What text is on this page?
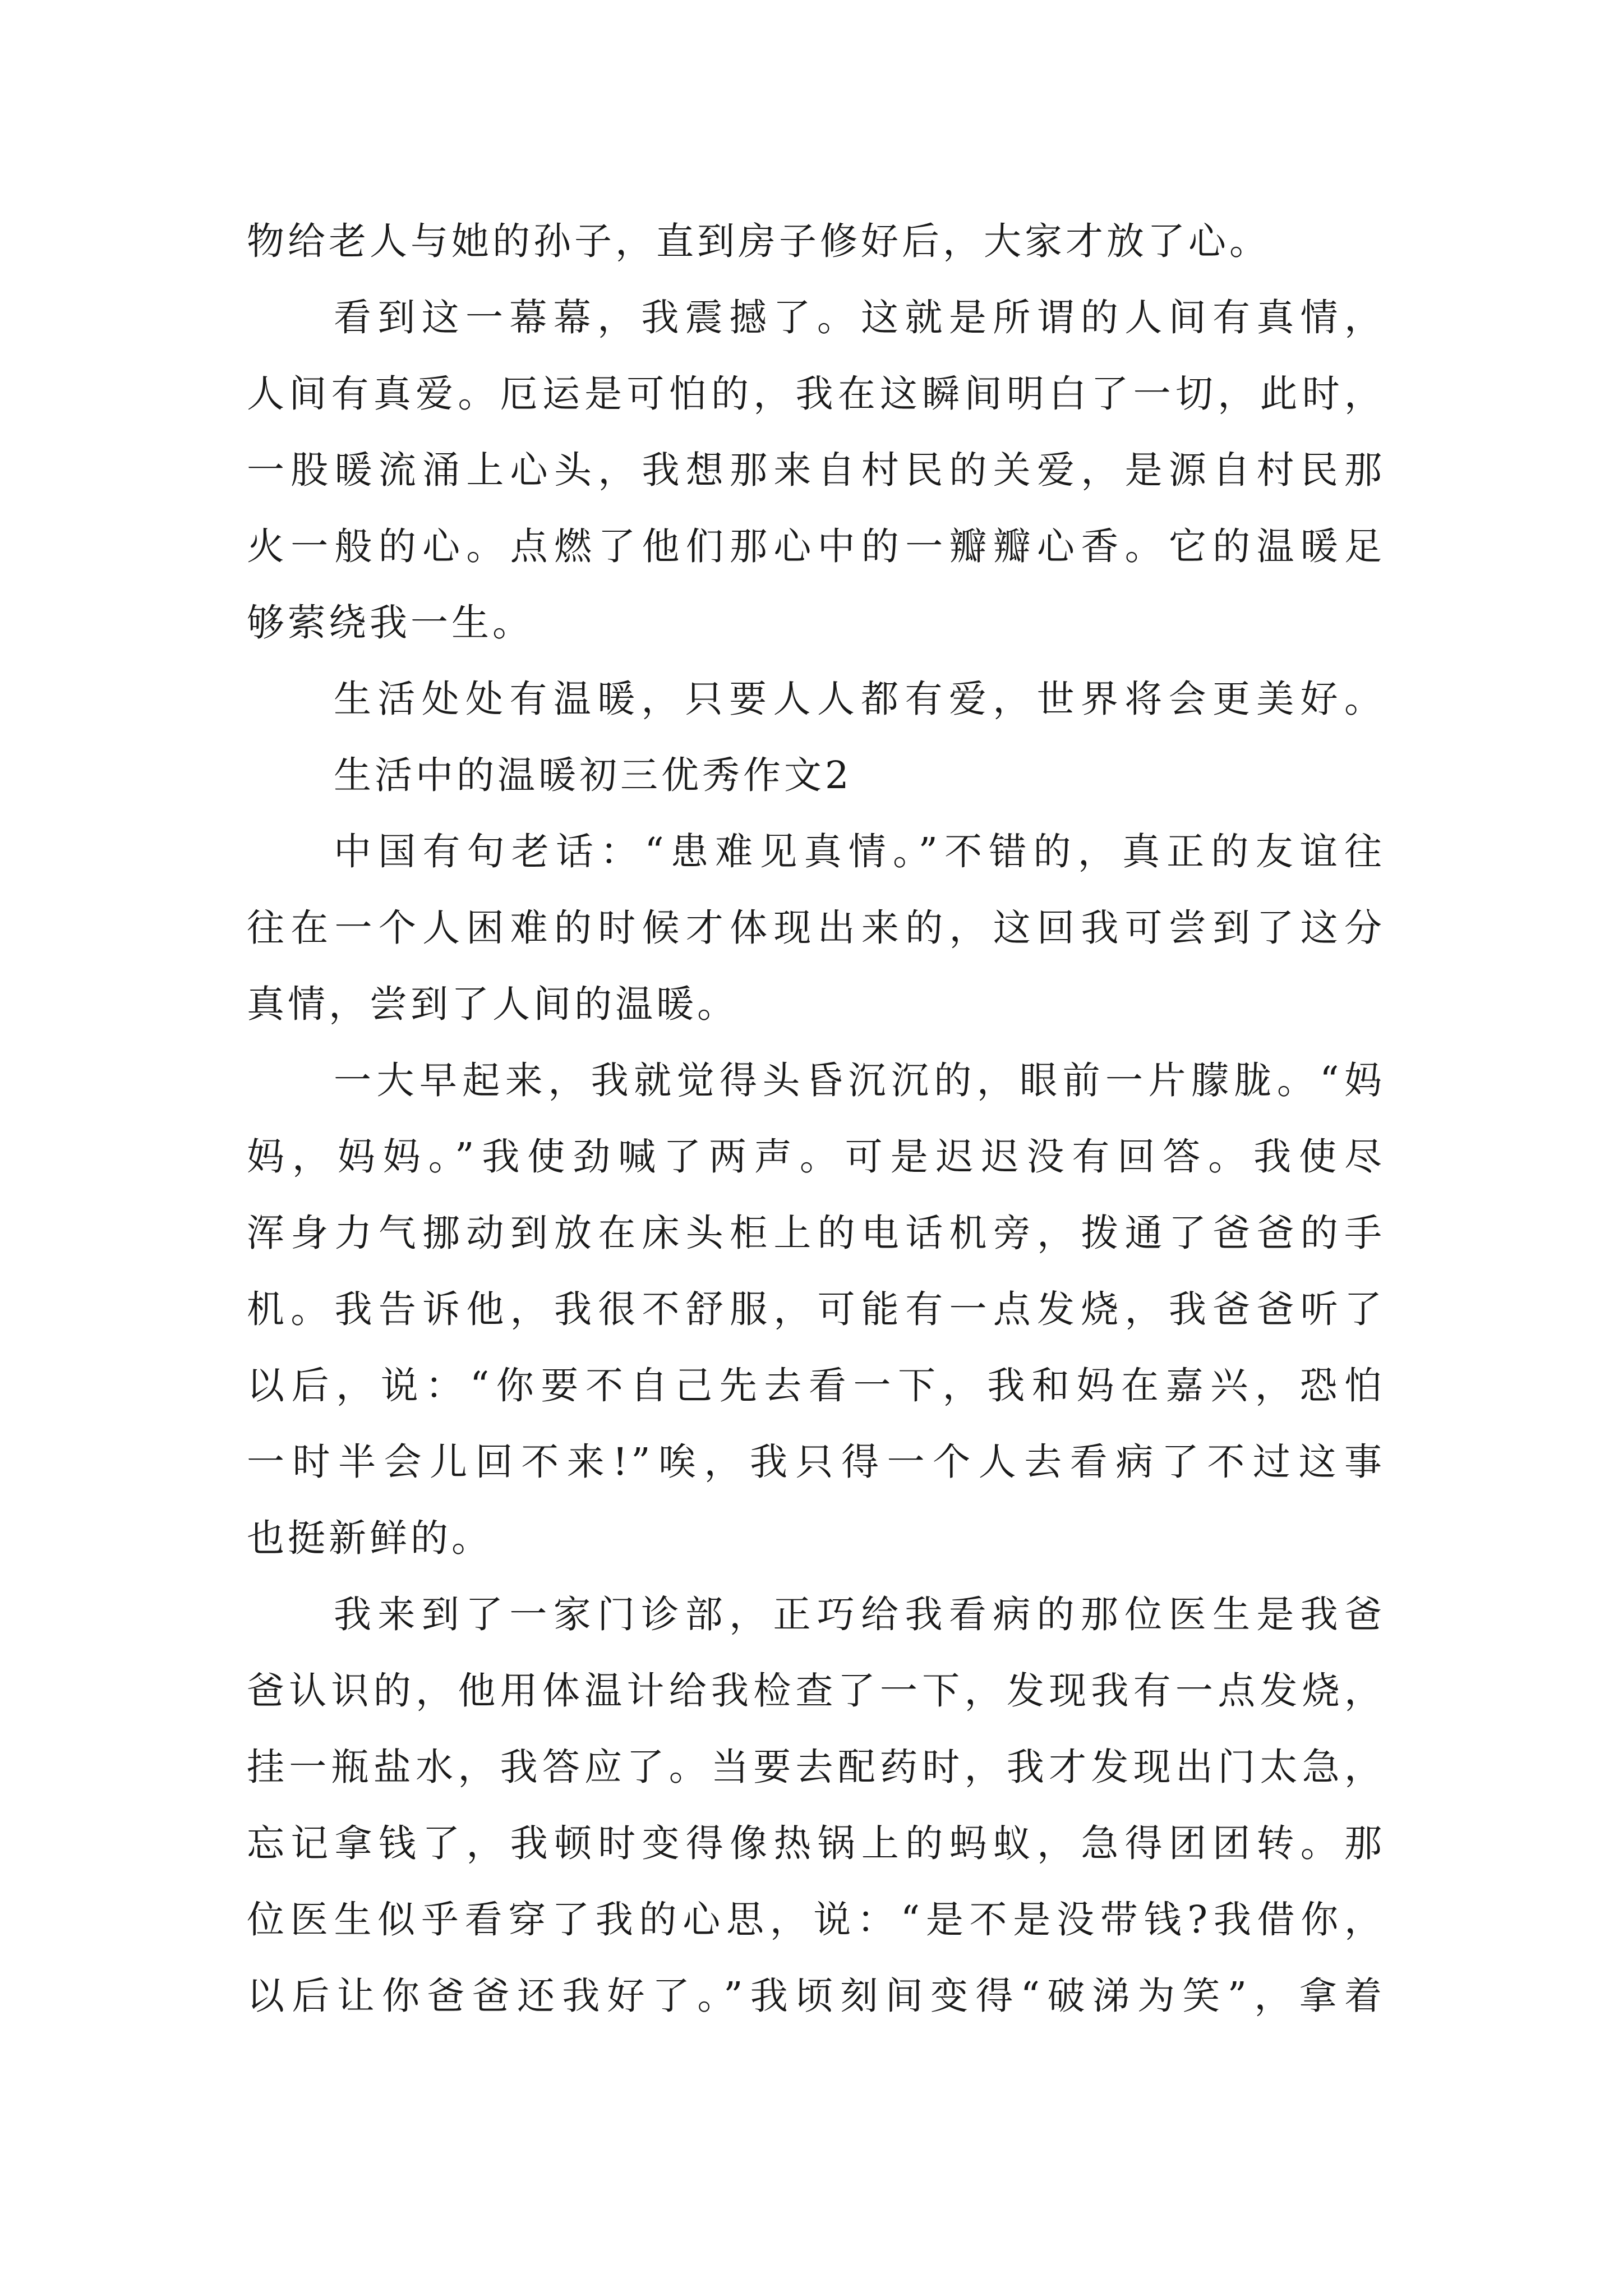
物给老人与她的孙子，直到房子修好后，大家才放了心。
看到这一幕幕，我震撼了。这就是所谓的人间有真情，
人间有真爱。厄运是可怕的，我在这瞬间明白了一切，此时，
一股暖流涌上心头，我想那来自村民的关爱，是源自村民那
火一般的心。点燃了他们那心中的一瓣瓣心香。它的温暖足
够萦绕我一生。
生活处处有温暖，只要人人都有爱，世界将会更美好。
生活中的温暖初三优秀作文2
中国有句老话：“患难见真情。”不错的，真正的友谊往
往在一个人困难的时候才体现出来的，这回我可尝到了这分
真情，尝到了人间的温暖。
一大早起来，我就觉得头昏沉沉的，眼前一片朦胧。“妈
妈，妈妈。”我使劲喊了两声。可是迟迟没有回答。我使尽
浑身力气挪动到放在床头柜上的电话机旁，拨通了爸爸的手
机。我告诉他，我很不舒服，可能有一点发烧，我爸爸听了
以后，说：“你要不自己先去看一下，我和妈在嘉兴，恐怕
一时半会儿回不来!”唉，我只得一个人去看病了不过这事
也挺新鲜的。
我来到了一家门诊部，正巧给我看病的那位医生是我爸
爸认识的，他用体温计给我检查了一下，发现我有一点发烧，
挂一瓶盐水，我答应了。当要去配药时，我才发现出门太急，
忘记拿钱了，我顿时变得像热锅上的蚂蚁，急得团团转。那
位医生似乎看穿了我的心思，说：“是不是没带钱?我借你，
以后让你爸爸还我好了。”我顷刻间变得“破涕为笑”，拿着
